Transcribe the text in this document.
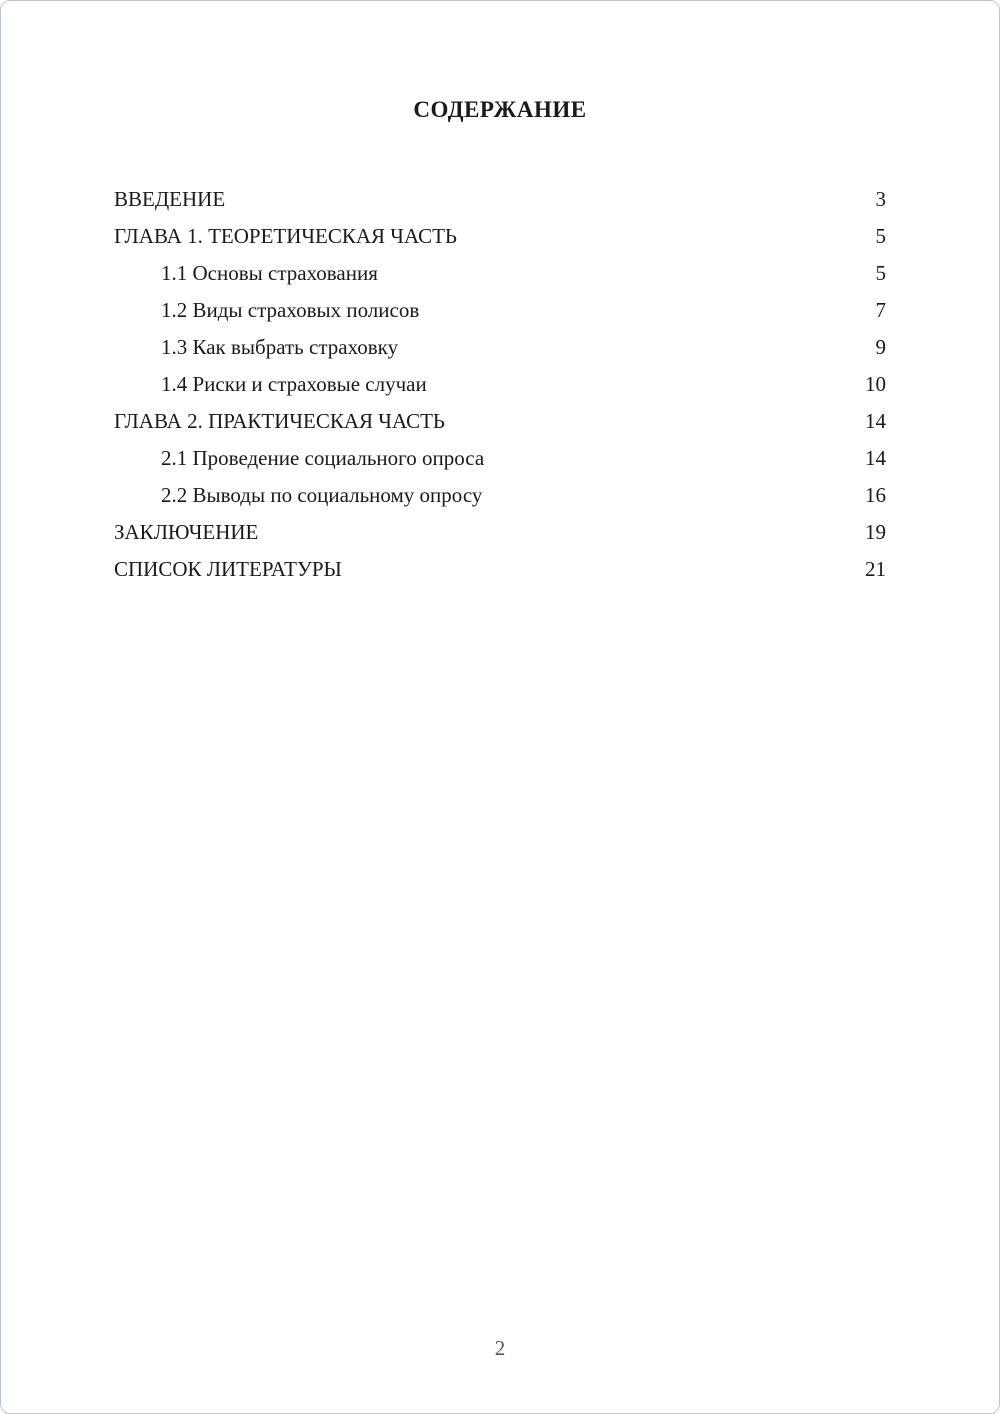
СОДЕРЖАНИЕ
ВВЕДЕНИЕ	3
ГЛАВА 1. ТЕОРЕТИЧЕСКАЯ ЧАСТЬ	5
1.1 Основы страхования	5
1.2 Виды страховых полисов	7
1.3 Как выбрать страховку	9
1.4 Риски и страховые случаи	10
ГЛАВА 2. ПРАКТИЧЕСКАЯ ЧАСТЬ	14
2.1 Проведение социального опроса	14
2.2 Выводы по социальному опросу	16
ЗАКЛЮЧЕНИЕ	19
СПИСОК ЛИТЕРАТУРЫ	21
2
